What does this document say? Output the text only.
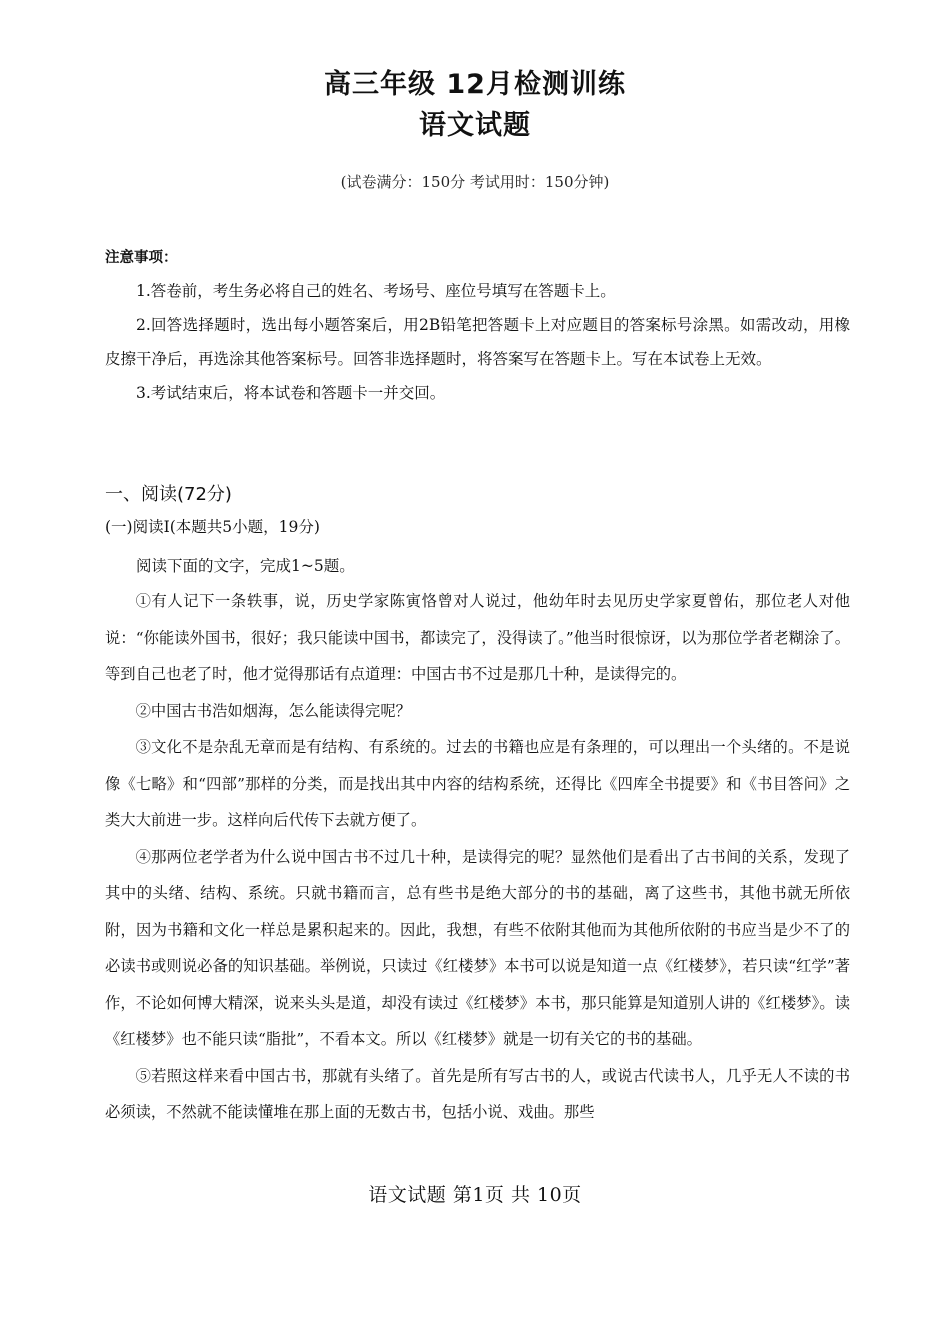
高三年级 12月检测训练
语文试题
(试卷满分：150分 考试用时：150分钟)
注意事项：

1.答卷前，考生务必将自己的姓名、考场号、座位号填写在答题卡上。

2.回答选择题时，选出每小题答案后，用2B铅笔把答题卡上对应题目的答案标号涂黑。如需改动，用橡皮擦干净后，再选涂其他答案标号。回答非选择题时，将答案写在答题卡上。写在本试卷上无效。

3.考试结束后，将本试卷和答题卡一并交回。

一、阅读(72分)
(一)阅读Ⅰ(本题共5小题，19分)

阅读下面的文字，完成1~5题。

①有人记下一条轶事，说，历史学家陈寅恪曾对人说过，他幼年时去见历史学家夏曾佑，那位老人对他说：“你能读外国书，很好；我只能读中国书，都读完了，没得读了。”他当时很惊讶，以为那位学者老糊涂了。等到自己也老了时，他才觉得那话有点道理：中国古书不过是那几十种，是读得完的。

②中国古书浩如烟海，怎么能读得完呢？

③文化不是杂乱无章而是有结构、有系统的。过去的书籍也应是有条理的，可以理出一个头绪的。不是说像《七略》和“四部”那样的分类，而是找出其中内容的结构系统，还得比《四库全书提要》和《书目答问》之类大大前进一步。这样向后代传下去就方便了。

④那两位老学者为什么说中国古书不过几十种，是读得完的呢？显然他们是看出了古书间的关系，发现了其中的头绪、结构、系统。只就书籍而言，总有些书是绝大部分的书的基础，离了这些书，其他书就无所依附，因为书籍和文化一样总是累积起来的。因此，我想，有些不依附其他而为其他所依附的书应当是少不了的必读书或则说必备的知识基础。举例说，只读过《红楼梦》本书可以说是知道一点《红楼梦》，若只读“红学”著作，不论如何博大精深，说来头头是道，却没有读过《红楼梦》本书，那只能算是知道别人讲的《红楼梦》。读《红楼梦》也不能只读“脂批”，不看本文。所以《红楼梦》就是一切有关它的书的基础。

⑤若照这样来看中国古书，那就有头绪了。首先是所有写古书的人，或说古代读书人，几乎无人不读的书必须读，不然就不能读懂堆在那上面的无数古书，包括小说、戏曲。那些

语文试题 第1页 共 10页
